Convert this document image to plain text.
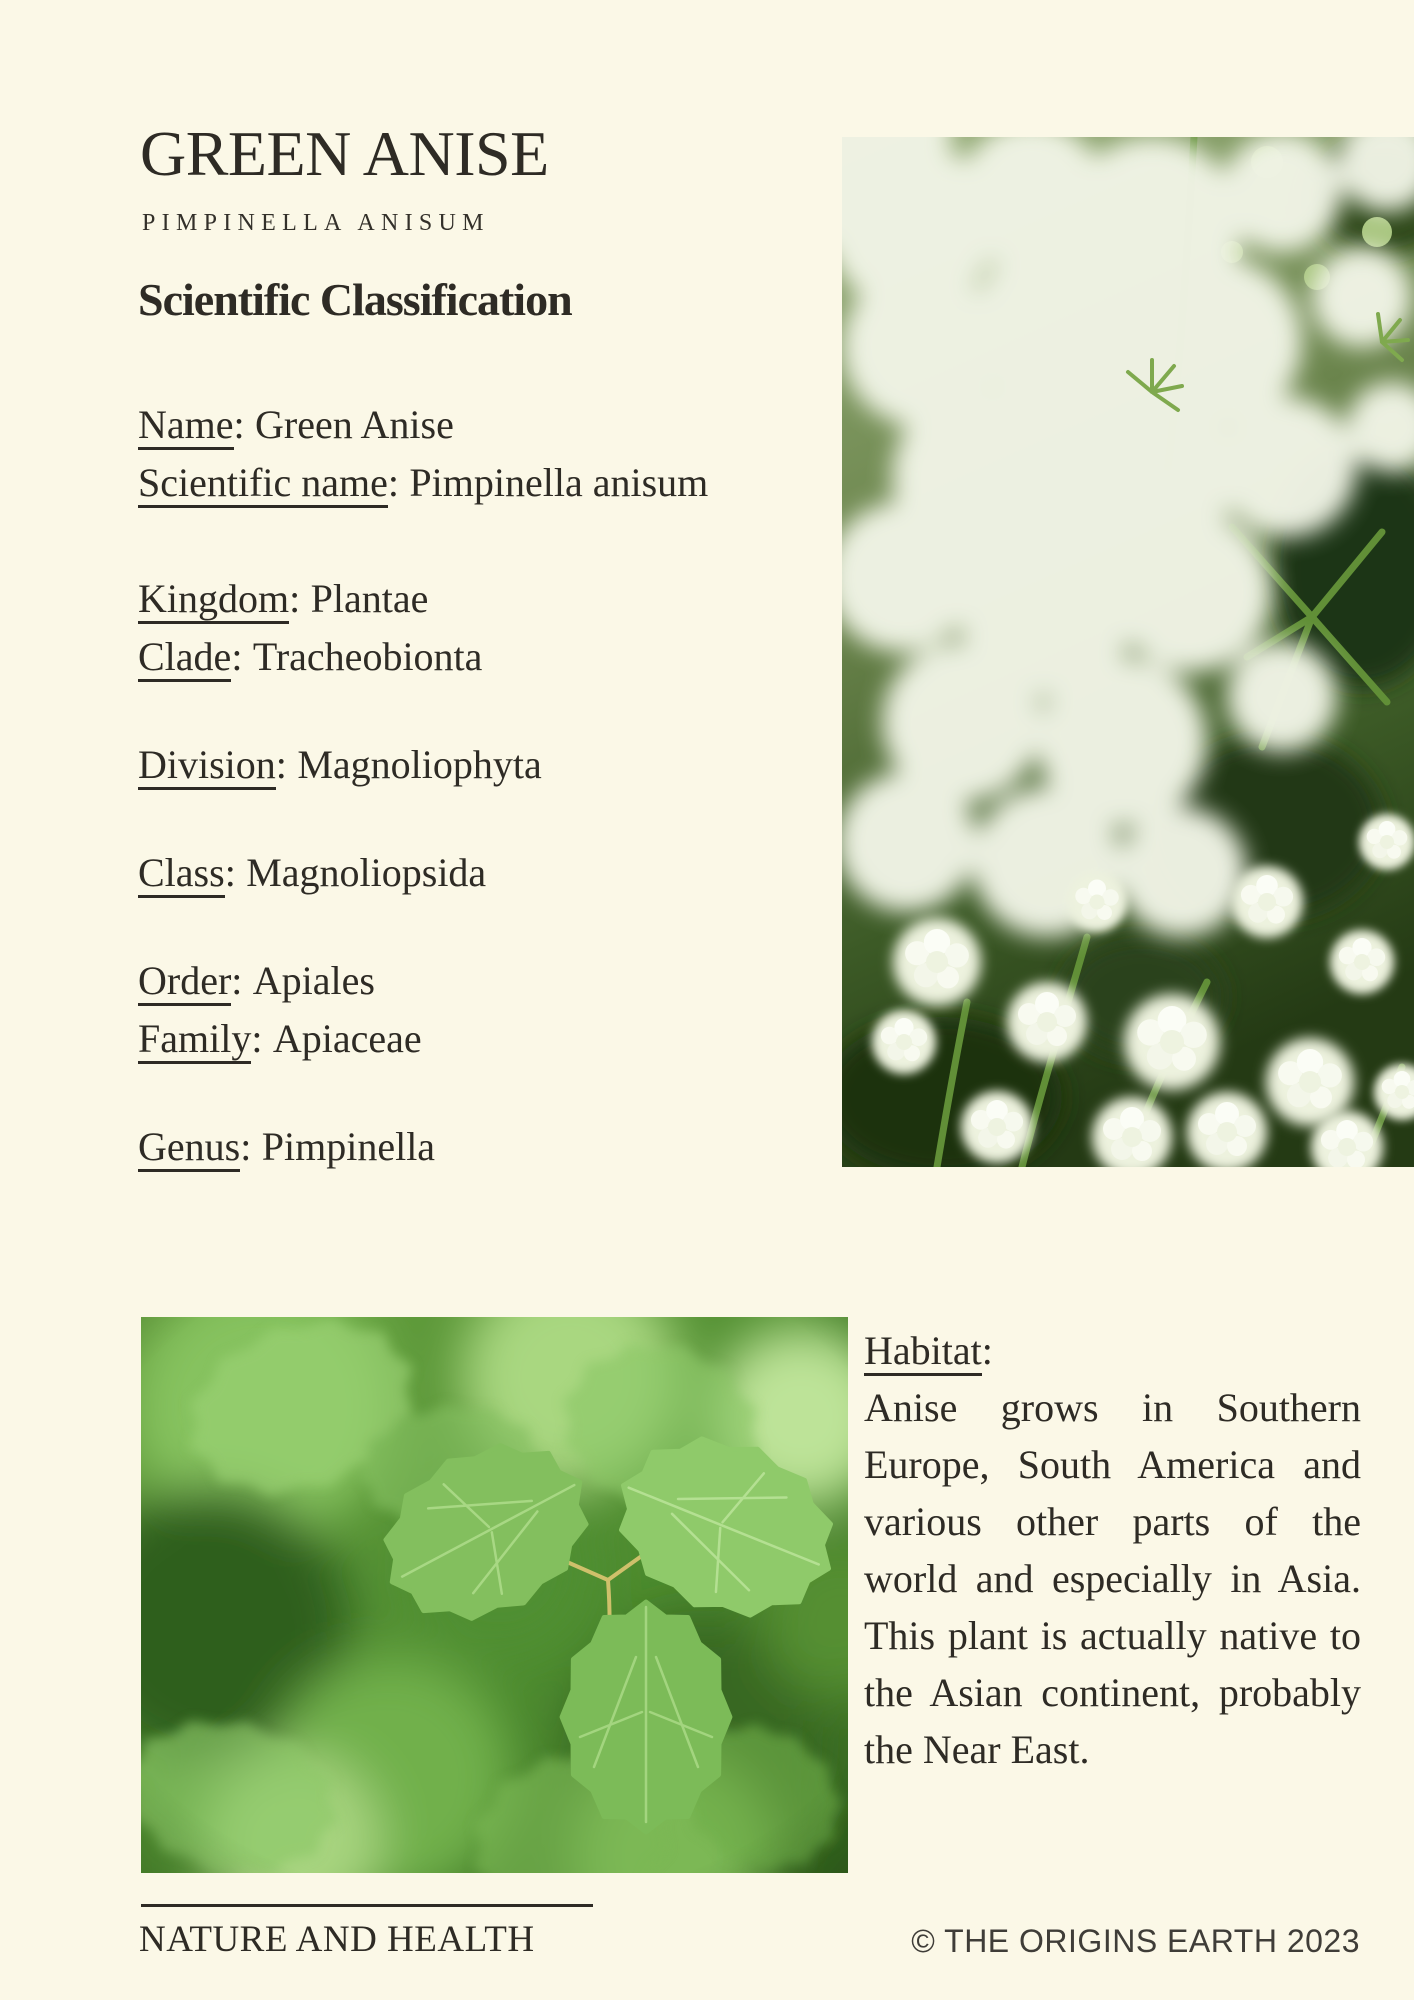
GREEN ANISE

PIMPINELLA ANISUM

Scientific Classification

Name: Green Anise

Scientific name: Pimpinella anisum

Kingdom: Plantae

Clade: Tracheobionta

Division: Magnoliophyta

Class: Magnoliopsida

Order: Apiales

Family: Apiaceae

Genus: Pimpinella

Habitat:

Anise grows in Southern Europe, South America and various other parts of the world and especially in Asia. This plant is actually native to the Asian continent, probably the Near East.

NATURE AND HEALTH	© THE ORIGINS EARTH 2023
